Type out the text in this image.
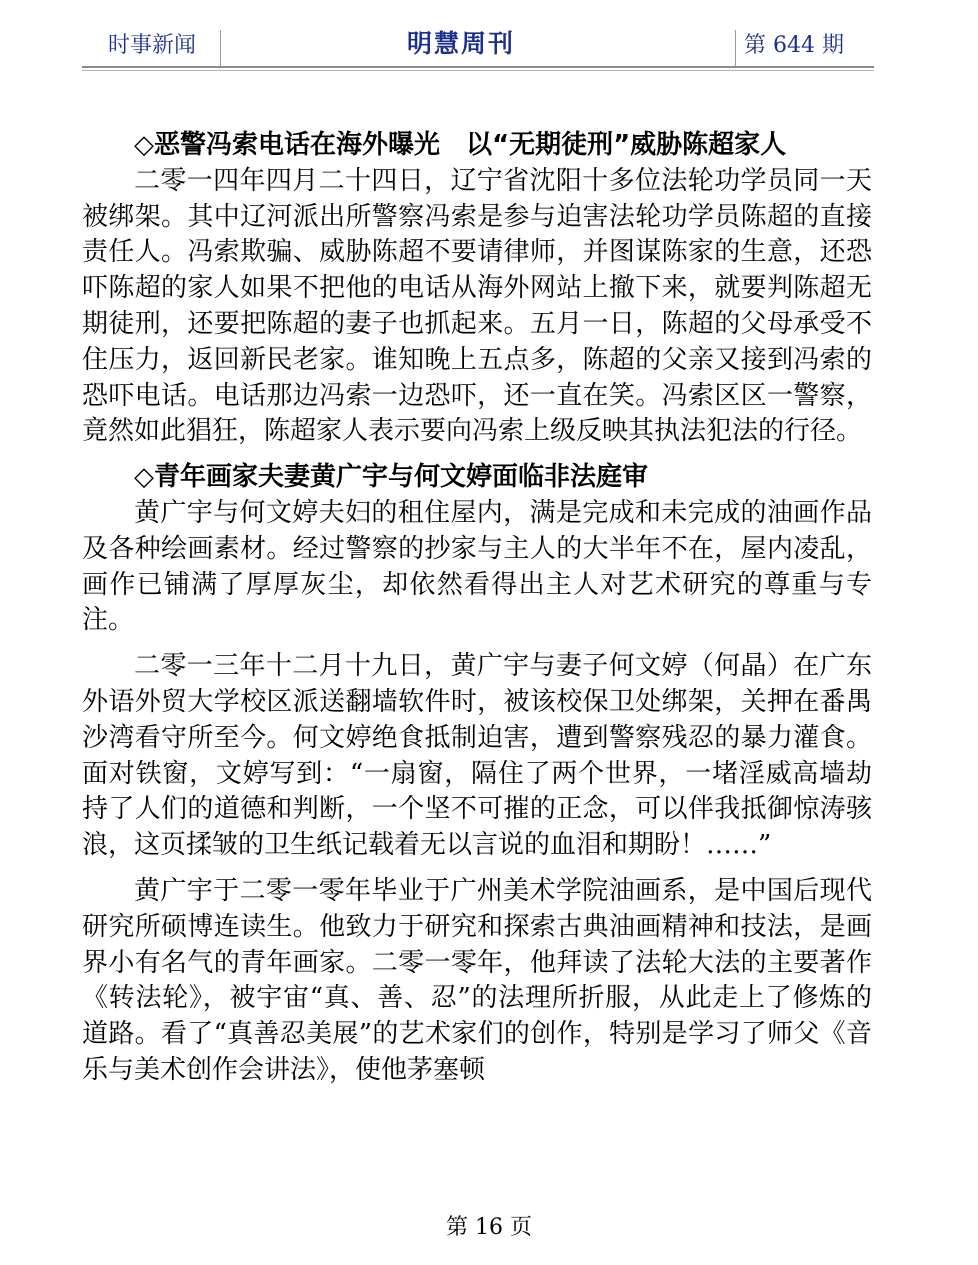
时事新闻	明慧周刊	第 644 期
◇恶警冯索电话在海外曝光　以“无期徒刑”威胁陈超家人

二零一四年四月二十四日，辽宁省沈阳十多位法轮功学员同一天被绑架。其中辽河派出所警察冯索是参与迫害法轮功学员陈超的直接责任人。冯索欺骗、威胁陈超不要请律师，并图谋陈家的生意，还恐吓陈超的家人如果不把他的电话从海外网站上撤下来，就要判陈超无期徒刑，还要把陈超的妻子也抓起来。五月一日，陈超的父母承受不住压力，返回新民老家。谁知晚上五点多，陈超的父亲又接到冯索的恐吓电话。电话那边冯索一边恐吓，还一直在笑。冯索区区一警察，竟然如此猖狂，陈超家人表示要向冯索上级反映其执法犯法的行径。

◇青年画家夫妻黄广宇与何文婷面临非法庭审

黄广宇与何文婷夫妇的租住屋内，满是完成和未完成的油画作品及各种绘画素材。经过警察的抄家与主人的大半年不在，屋内凌乱，画作已铺满了厚厚灰尘，却依然看得出主人对艺术研究的尊重与专注。

二零一三年十二月十九日，黄广宇与妻子何文婷（何晶）在广东外语外贸大学校区派送翻墙软件时，被该校保卫处绑架，关押在番禺沙湾看守所至今。何文婷绝食抵制迫害，遭到警察残忍的暴力灌食。面对铁窗，文婷写到：“一扇窗，隔住了两个世界，一堵淫威高墙劫持了人们的道德和判断，一个坚不可摧的正念，可以伴我抵御惊涛骇浪，这页揉皱的卫生纸记载着无以言说的血泪和期盼！……”

黄广宇于二零一零年毕业于广州美术学院油画系，是中国后现代研究所硕博连读生。他致力于研究和探索古典油画精神和技法，是画界小有名气的青年画家。二零一零年，他拜读了法轮大法的主要著作《转法轮》，被宇宙“真、善、忍”的法理所折服，从此走上了修炼的道路。看了“真善忍美展”的艺术家们的创作，特别是学习了师父《音乐与美术创作会讲法》，使他茅塞顿

第 16 页
